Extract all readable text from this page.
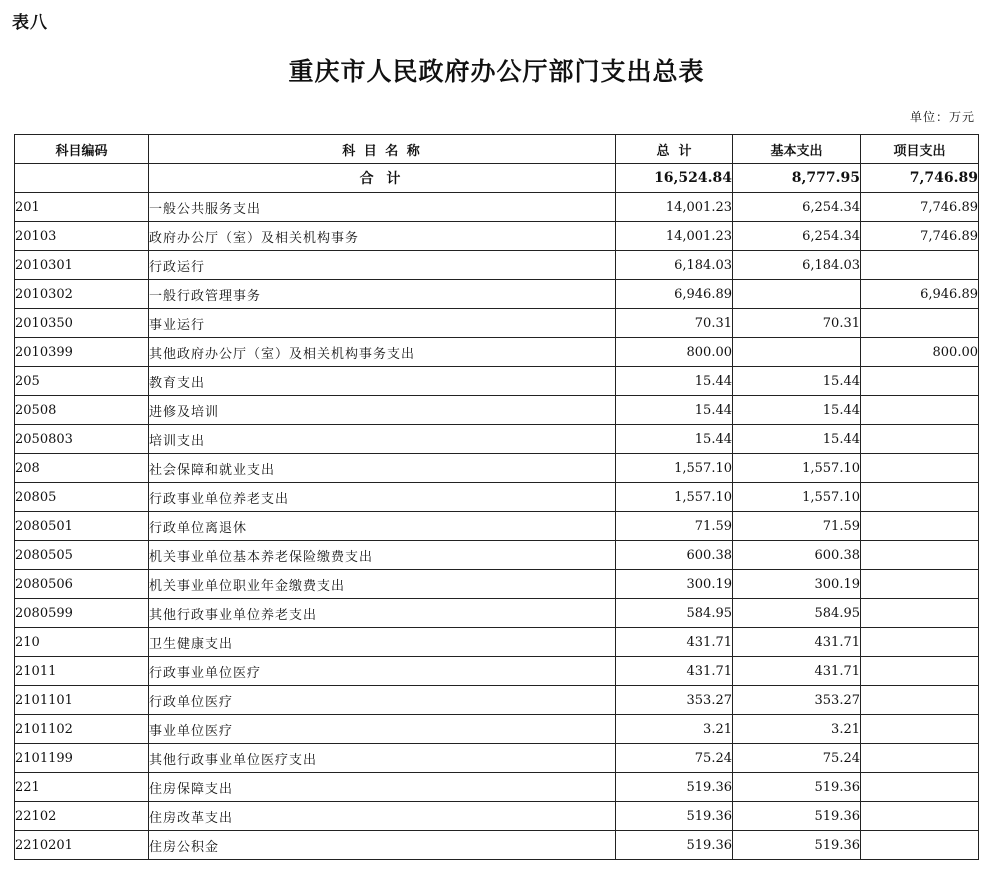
表八
重庆市人民政府办公厅部门支出总表
单位：万元
科目编码	科 目 名 称	总  计	基本支出	项目支出
	合 计	16,524.84	8,777.95	7,746.89
201	一般公共服务支出	14,001.23	6,254.34	7,746.89
20103	政府办公厅（室）及相关机构事务	14,001.23	6,254.34	7,746.89
2010301	行政运行	6,184.03	6,184.03	
2010302	一般行政管理事务	6,946.89		6,946.89
2010350	事业运行	70.31	70.31	
2010399	其他政府办公厅（室）及相关机构事务支出	800.00		800.00
205	教育支出	15.44	15.44	
20508	进修及培训	15.44	15.44	
2050803	培训支出	15.44	15.44	
208	社会保障和就业支出	1,557.10	1,557.10	
20805	行政事业单位养老支出	1,557.10	1,557.10	
2080501	行政单位离退休	71.59	71.59	
2080505	机关事业单位基本养老保险缴费支出	600.38	600.38	
2080506	机关事业单位职业年金缴费支出	300.19	300.19	
2080599	其他行政事业单位养老支出	584.95	584.95	
210	卫生健康支出	431.71	431.71	
21011	行政事业单位医疗	431.71	431.71	
2101101	行政单位医疗	353.27	353.27	
2101102	事业单位医疗	3.21	3.21	
2101199	其他行政事业单位医疗支出	75.24	75.24	
221	住房保障支出	519.36	519.36	
22102	住房改革支出	519.36	519.36	
2210201	住房公积金	519.36	519.36	
